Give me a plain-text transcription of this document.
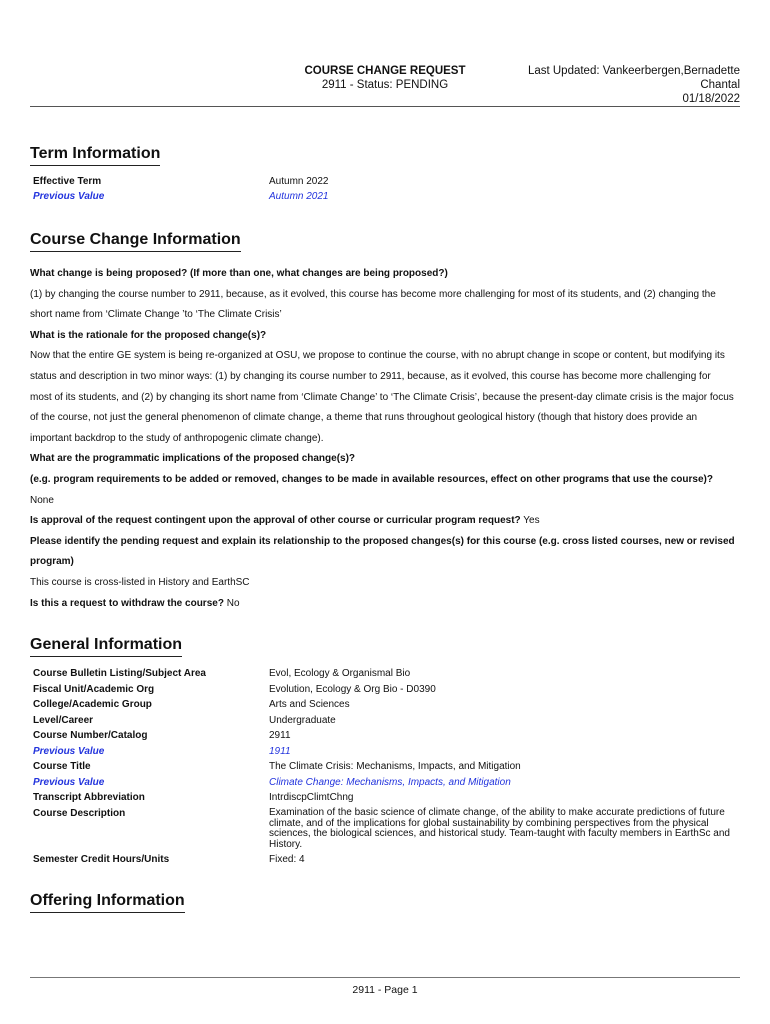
COURSE CHANGE REQUEST
2911 - Status: PENDING
Last Updated: Vankeerbergen,Bernadette
Chantal
01/18/2022
Term Information
Effective Term	Autumn 2022
Previous Value	Autumn 2021
Course Change Information
What change is being proposed? (If more than one, what changes are being proposed?)
(1) by changing the course number to 2911, because, as it evolved, this course has become more challenging for most of its students, and (2) changing the
short name from ‘Climate Change ’to ‘The Climate Crisis’
What is the rationale for the proposed change(s)?
Now that the entire GE system is being re-organized at OSU, we propose to continue the course, with no abrupt change in scope or content, but modifying its
status and description in two minor ways: (1) by changing its course number to 2911, because, as it evolved, this course has become more challenging for
most of its students, and (2) by changing its short name from ‘Climate Change’ to ‘The Climate Crisis’, because the present-day climate crisis is the major focus
of the course, not just the general phenomenon of climate change, a theme that runs throughout geological history (though that history does provide an
important backdrop to the study of anthropogenic climate change).
What are the programmatic implications of the proposed change(s)?
(e.g. program requirements to be added or removed, changes to be made in available resources, effect on other programs that use the course)?
None
Is approval of the request contingent upon the approval of other course or curricular program request? Yes
Please identify the pending request and explain its relationship to the proposed changes(s) for this course (e.g. cross listed courses, new or revised
program)
This course is cross-listed in History and EarthSC
Is this a request to withdraw the course? No
General Information
Course Bulletin Listing/Subject Area	Evol, Ecology & Organismal Bio
Fiscal Unit/Academic Org	Evolution, Ecology & Org Bio - D0390
College/Academic Group	Arts and Sciences
Level/Career	Undergraduate
Course Number/Catalog	2911
Previous Value	1911
Course Title	The Climate Crisis: Mechanisms, Impacts, and Mitigation
Previous Value	Climate Change: Mechanisms, Impacts, and Mitigation
Transcript Abbreviation	IntrdiscpClimtChng
Course Description	Examination of the basic science of climate change, of the ability to make accurate predictions of future
climate, and of the implications for global sustainability by combining perspectives from the physical
sciences, the biological sciences, and historical study. Team-taught with faculty members in EarthSc and
History.
Semester Credit Hours/Units	Fixed: 4
Offering Information
2911 - Page 1
